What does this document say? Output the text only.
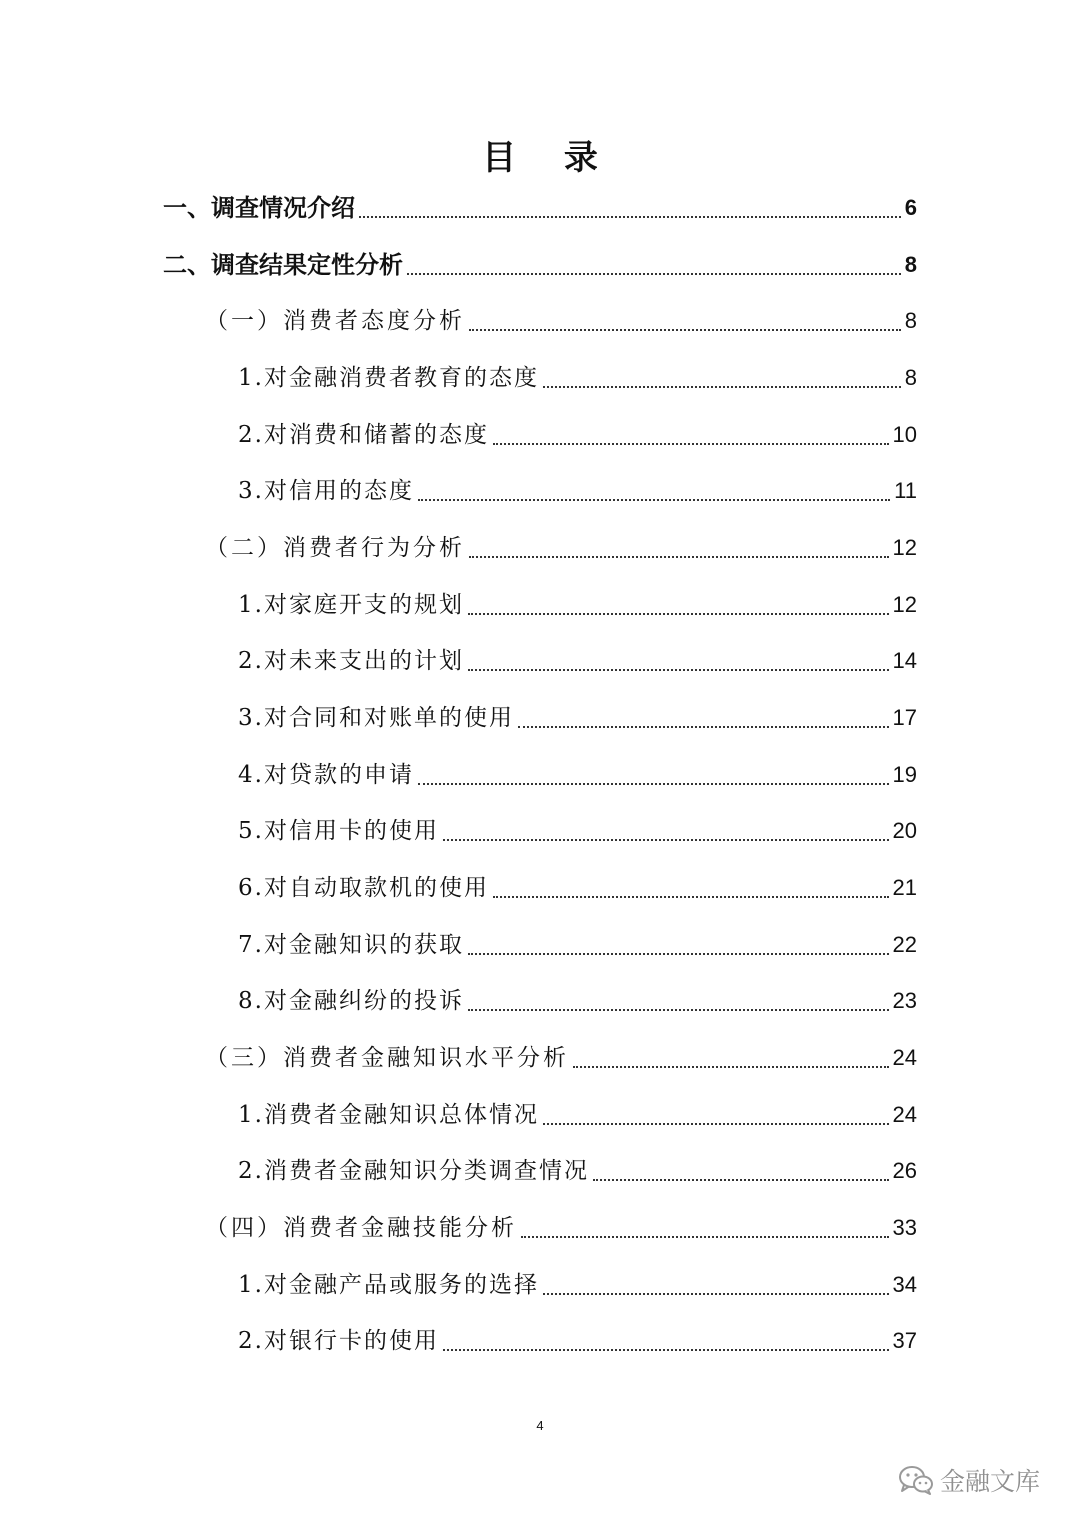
目 录
一、调查情况介绍	6
二、调查结果定性分析	8
（一）消费者态度分析	8
1.对金融消费者教育的态度	8
2.对消费和储蓄的态度	10
3.对信用的态度	11
（二）消费者行为分析	12
1.对家庭开支的规划	12
2.对未来支出的计划	14
3.对合同和对账单的使用	17
4.对贷款的申请	19
5.对信用卡的使用	20
6.对自动取款机的使用	21
7.对金融知识的获取	22
8.对金融纠纷的投诉	23
（三）消费者金融知识水平分析	24
1.消费者金融知识总体情况	24
2.消费者金融知识分类调查情况	26
（四）消费者金融技能分析	33
1.对金融产品或服务的选择	34
2.对银行卡的使用	37
4
金融文库
